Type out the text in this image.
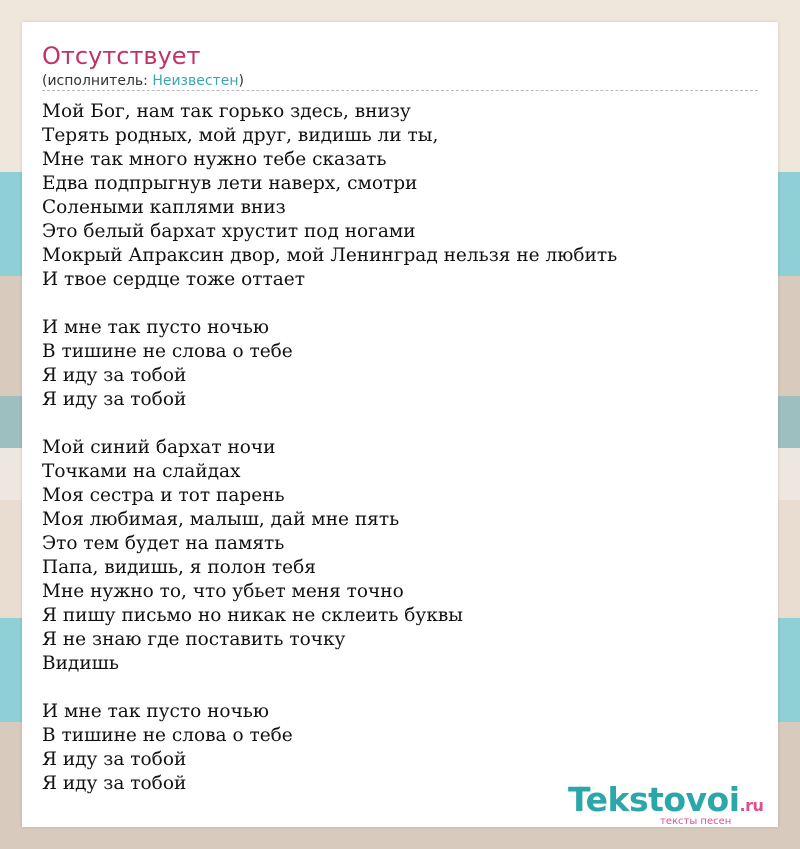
Отсутствует
(исполнитель: Неизвестен)
Мой Бог, нам так горько здесь, внизу
Терять родных, мой друг, видишь ли ты,
Мне так много нужно тебе сказать
Едва подпрыгнув лети наверх, смотри
Солеными каплями вниз
Это белый бархат хрустит под ногами
Мокрый Апраксин двор, мой Ленинград нельзя не любить
И твое сердце тоже оттает
И мне так пусто ночью
В тишине не слова о тебе
Я иду за тобой
Я иду за тобой
Мой синий бархат ночи
Точками на слайдах
Моя сестра и тот парень
Моя любимая, малыш, дай мне пять
Это тем будет на память
Папа, видишь, я полон тебя
Мне нужно то, что убьет меня точно
Я пишу письмо но никак не склеить буквы
Я не знаю где поставить точку
Видишь
И мне так пусто ночью
В тишине не слова о тебе
Я иду за тобой
Я иду за тобой	Tekstovoi.ru
тексты песен
